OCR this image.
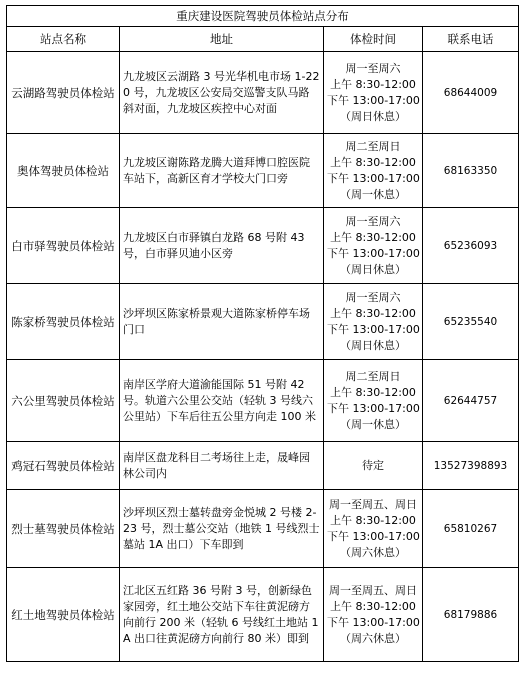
重庆建设医院驾驶员体检站点分布			
站点名称	地址	体检时间	联系电话
云湖路驾驶员体检站	九龙坡区云湖路 3 号光华机电市场 1-220 号，九龙坡区公安局交巡警支队马路斜对面，九龙坡区疾控中心对面	周一至周六
上午 8:30-12:00
下午 13:00-17:00
（周日休息）	68644009
奥体驾驶员体检站	九龙坡区谢陈路龙腾大道拜博口腔医院车站下，高新区育才学校大门口旁	周二至周日
上午 8:30-12:00
下午 13:00-17:00
（周一休息）	68163350
白市驿驾驶员体检站	九龙坡区白市驿镇白龙路 68 号附 43 号，白市驿贝迪小区旁	周一至周六
上午 8:30-12:00
下午 13:00-17:00
（周日休息）	65236093
陈家桥驾驶员体检站	沙坪坝区陈家桥景观大道陈家桥停车场门口	周一至周六
上午 8:30-12:00
下午 13:00-17:00
（周日休息）	65235540
六公里驾驶员体检站	南岸区学府大道渝能国际 51 号附 42 号。轨道六公里公交站（轻轨 3 号线六公里站）下车后往五公里方向走 100 米	周二至周日
上午 8:30-12:00
下午 13:00-17:00
（周一休息）	62644757
鸡冠石驾驶员体检站	南岸区盘龙科目二考场往上走，晟峰园林公司内	待定	13527398893
烈士墓驾驶员体检站	沙坪坝区烈士墓转盘旁金悦城 2 号楼 2-23 号，烈士墓公交站（地铁 1 号线烈士墓站 1A 出口）下车即到	周一至周五、周日
上午 8:30-12:00
下午 13:00-17:00
（周六休息）	65810267
红土地驾驶员体检站	江北区五红路 36 号附 3 号，创新绿色家园旁，红土地公交站下车往黄泥磅方向前行 200 米（轻轨 6 号线红土地站 1A 出口往黄泥磅方向前行 80 米）即到	周一至周五、周日
上午 8:30-12:00
下午 13:00-17:00
（周六休息）	68179886
